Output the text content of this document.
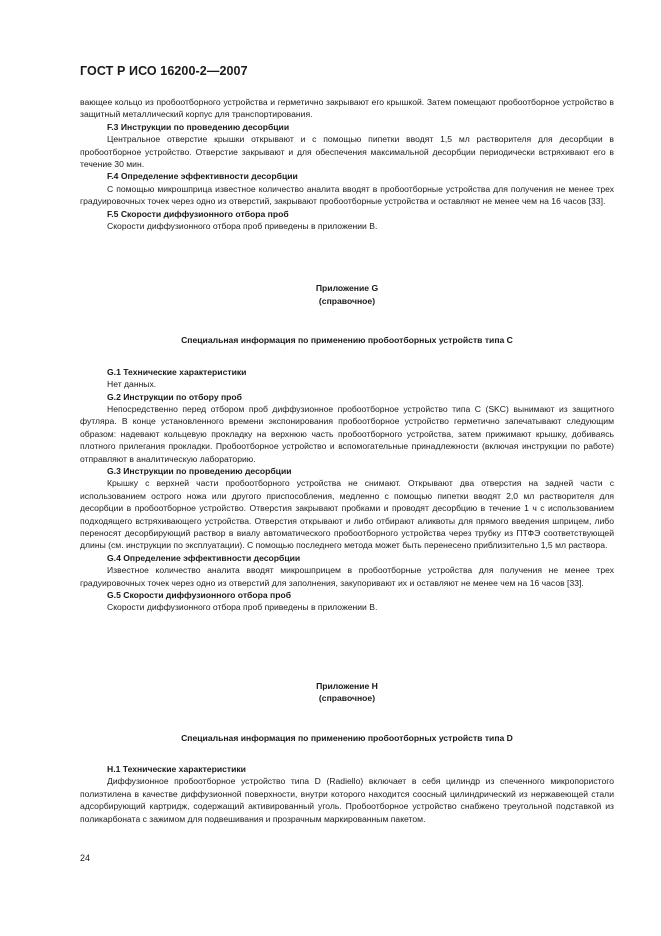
ГОСТ Р ИСО 16200-2—2007

вающее кольцо из пробоотборного устройства и герметично закрывают его крышкой. Затем помещают пробоотборное устройство в защитный металлический корпус для транспортирования.

F.3 Инструкции по проведению десорбции

Центральное отверстие крышки открывают и с помощью пипетки вводят 1,5 мл растворителя для десорбции в пробоотборное устройство. Отверстие закрывают и для обеспечения максимальной десорбции периодически встряхивают его в течение 30 мин.

F.4 Определение эффективности десорбции

С помощью микрошприца известное количество аналита вводят в пробоотборные устройства для получения не менее трех градуировочных точек через одно из отверстий, закрывают пробоотборные устройства и оставляют не менее чем на 16 часов [33].

F.5 Скорости диффузионного отбора проб

Скорости диффузионного отбора проб приведены в приложении В.

Приложение G

(справочное)

Специальная информация по применению пробоотборных устройств типа С

G.1 Технические характеристики

Нет данных.

G.2 Инструкции по отбору проб

Непосредственно перед отбором проб диффузионное пробоотборное устройство типа С (SKC) вынимают из защитного футляра. В конце установленного времени экспонирования пробоотборное устройство герметично запечатывают следующим образом: надевают кольцевую прокладку на верхнюю часть пробоотборного устройства, затем прижимают крышку, добиваясь плотного прилегания прокладки. Пробоотборное устройство и вспомогательные принадлежности (включая инструкции по работе) отправляют в аналитическую лабораторию.

G.3 Инструкции по проведению десорбции

Крышку с верхней части пробоотборного устройства не снимают. Открывают два отверстия на задней части с использованием острого ножа или другого приспособления, медленно с помощью пипетки вводят 2,0 мл растворителя для десорбции в пробоотборное устройство. Отверстия закрывают пробками и проводят десорбцию в течение 1 ч с использованием подходящего встряхивающего устройства. Отверстия открывают и либо отбирают аликвоты для прямого введения шприцем, либо переносят десорбирующий раствор в виалу автоматического пробоотборного устройства через трубку из ПТФЭ соответствующей длины (см. инструкции по эксплуатации). С помощью последнего метода может быть перенесено приблизительно 1,5 мл раствора.

G.4 Определение эффективности десорбции

Известное количество аналита вводят микрошприцем в пробоотборные устройства для получения не менее трех градуировочных точек через одно из отверстий для заполнения, закупоривают их и оставляют не менее чем на 16 часов [33].

G.5 Скорости диффузионного отбора проб

Скорости диффузионного отбора проб приведены в приложении В.

Приложение Н

(справочное)

Специальная информация по применению пробоотборных устройств типа D

Н.1 Технические характеристики

Диффузионное пробоотборное устройство типа D (Radiello) включает в себя цилиндр из спеченного микропористого полиэтилена в качестве диффузионной поверхности, внутри которого находится соосный цилиндрический из нержавеющей стали адсорбирующий картридж, содержащий активированный уголь. Пробоотборное устройство снабжено треугольной подставкой из поликарбоната с зажимом для подвешивания и прозрачным маркированным пакетом.

24
